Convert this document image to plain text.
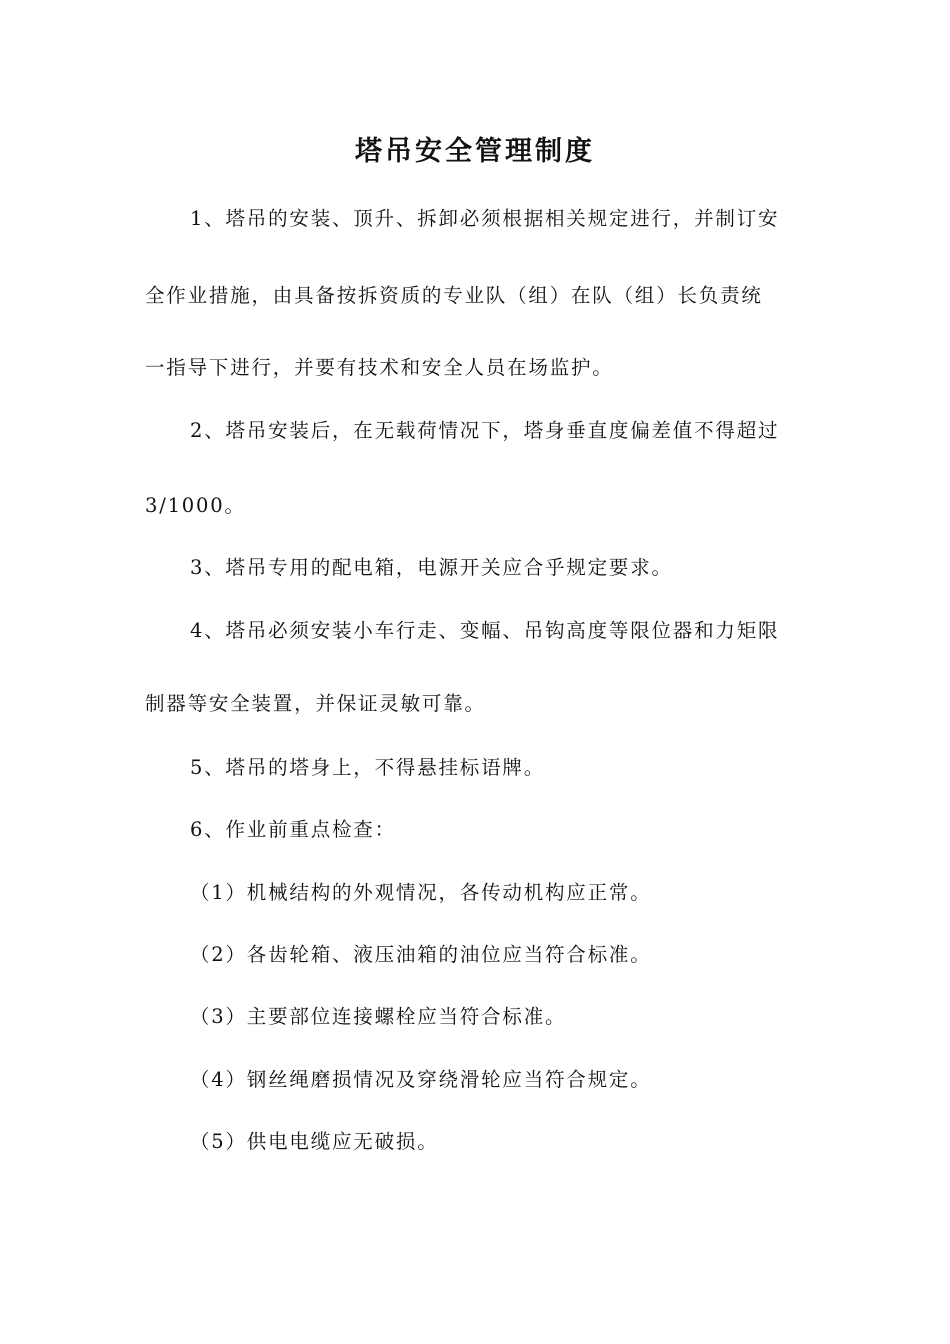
塔吊安全管理制度
1、塔吊的安装、顶升、拆卸必须根据相关规定进行，并制订安
全作业措施，由具备按拆资质的专业队（组）在队（组）长负责统
一指导下进行，并要有技术和安全人员在场监护。
2、塔吊安装后，在无载荷情况下，塔身垂直度偏差值不得超过
3/1000。
3、塔吊专用的配电箱，电源开关应合乎规定要求。
4、塔吊必须安装小车行走、变幅、吊钩高度等限位器和力矩限
制器等安全装置，并保证灵敏可靠。
5、塔吊的塔身上，不得悬挂标语牌。
6、作业前重点检查：
（1）机械结构的外观情况，各传动机构应正常。
（2）各齿轮箱、液压油箱的油位应当符合标准。
（3）主要部位连接螺栓应当符合标准。
（4）钢丝绳磨损情况及穿绕滑轮应当符合规定。
（5）供电电缆应无破损。
